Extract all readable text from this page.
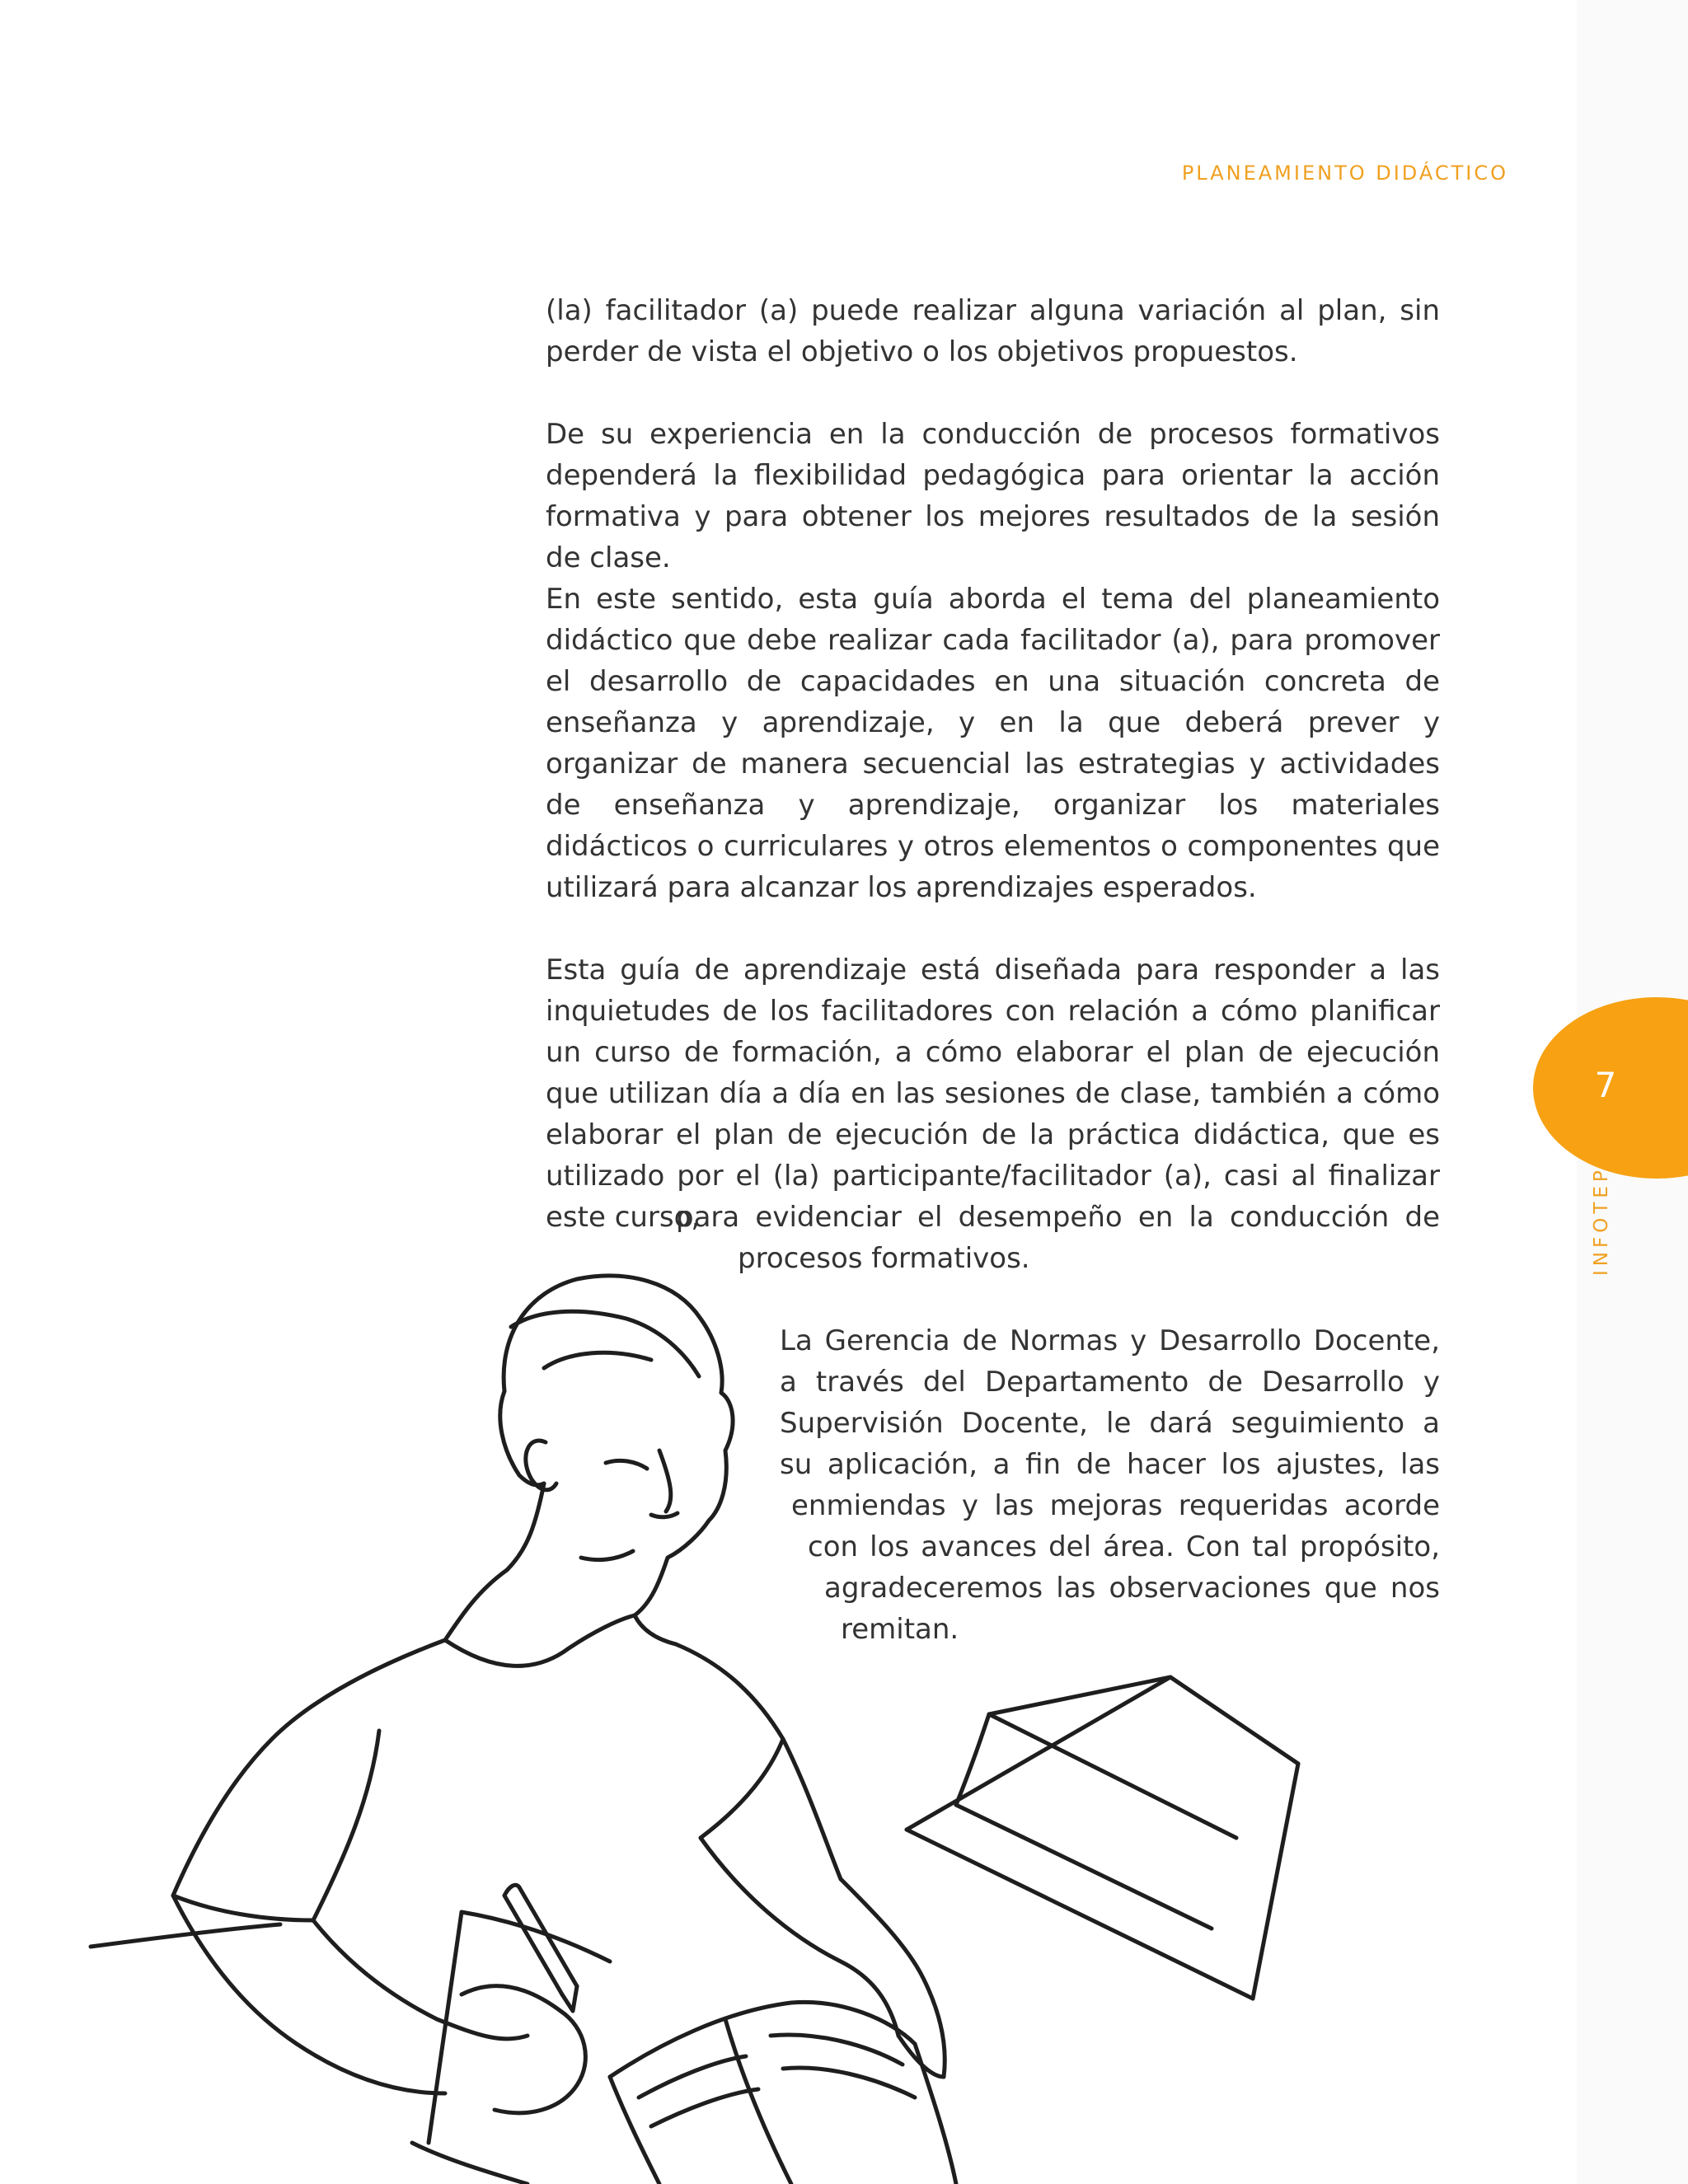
PLANEAMIENTO DIDÁCTICO
7
INFOTEP

(la) facilitador (a) puede realizar alguna variación al plan, sin perder de vista el objetivo o los objetivos propuestos.

De su experiencia en la conducción de procesos formativos dependerá la flexibilidad pedagógica para orientar la acción formativa y para obtener los mejores resultados de la sesión de clase.

En este sentido, esta guía aborda el tema del planeamiento didáctico que debe realizar cada facilitador (a), para promover el desarrollo de capacidades en una situación concreta de enseñanza y aprendizaje, y en la que deberá prever y organizar de manera secuencial las estrategias y actividades de enseñanza y aprendizaje, organizar los materiales didácticos o curriculares y otros elementos o componentes que utilizará para alcanzar los aprendizajes esperados.

Esta guía de aprendizaje está diseñada para responder a las inquietudes de los facilitadores con relación a cómo planificar un curso de formación, a cómo elaborar el plan de ejecución que utilizan día a día en las sesiones de clase, también a cómo elaborar el plan de ejecución de la práctica didáctica, que es utilizado por el (la) participante/facilitador (a), casi al finalizar este curso,

para evidenciar el desempeño en la conducción de

procesos formativos.

La Gerencia de Normas y Desarrollo Docente,

a través del Departamento de Desarrollo y

Supervisión Docente, le dará seguimiento a

su aplicación, a fin de hacer los ajustes, las

enmiendas y las mejoras requeridas acorde

con los avances del área. Con tal propósito,

agradeceremos las observaciones que nos

remitan.
